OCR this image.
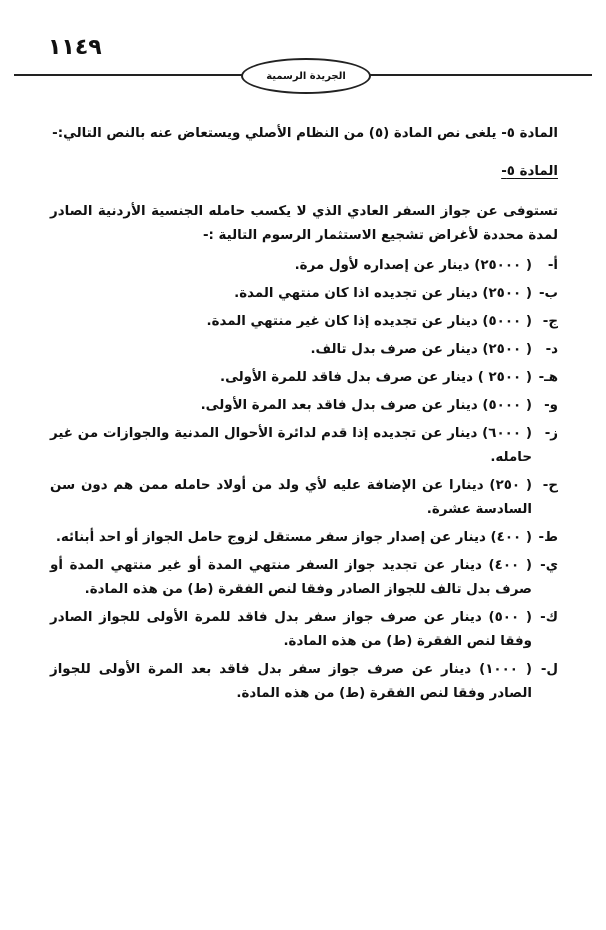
١١٤٩
الجريدة الرسمية

المادة ٥- يلغى نص المادة (٥) من النظام الأصلي ويستعاض عنه بالنص التالي:-

المادة ٥-

تستوفى عن جواز السفر العادي الذي لا يكسب حامله الجنسية الأردنية الصادر لمدة محددة لأغراض تشجيع الاستثمار الرسوم التالية :-

أ-
( ٢٥٠٠٠) دينار عن إصداره لأول مرة.
ب-
( ٢٥٠٠) دينار عن تجديده اذا كان منتهي المدة.
ج-
( ٥٠٠٠) دينار عن تجديده إذا كان غير منتهي المدة.
د-
( ٢٥٠٠) دينار عن صرف بدل تالف.
هـ-
( ٢٥٠٠ ) دينار عن صرف بدل فاقد للمرة الأولى.
و-
( ٥٠٠٠) دينار عن صرف بدل فاقد بعد المرة الأولى.
ز-
( ٦٠٠٠) دينار عن تجديده إذا قدم لدائرة الأحوال المدنية والجوازات من غير حامله.
ح-
( ٢٥٠) دينارا عن الإضافة عليه لأي ولد من أولاد حامله ممن هم دون سن السادسة عشرة.
ط-
( ٤٠٠) دينار عن إصدار جواز سفر مستقل لزوج حامل الجواز أو احد أبنائه.
ي-
( ٤٠٠) دينار عن تجديد جواز السفر منتهي المدة أو غير منتهي المدة أو صرف بدل تالف للجواز الصادر وفقا لنص الفقرة (ط) من هذه المادة.
ك-
( ٥٠٠) دينار عن صرف جواز سفر بدل فاقد للمرة الأولى للجواز الصادر وفقا لنص الفقرة (ط) من هذه المادة.
ل-
( ١٠٠٠) دينار عن صرف جواز سفر بدل فاقد بعد المرة الأولى للجواز الصادر وفقا لنص الفقرة (ط) من هذه المادة.
